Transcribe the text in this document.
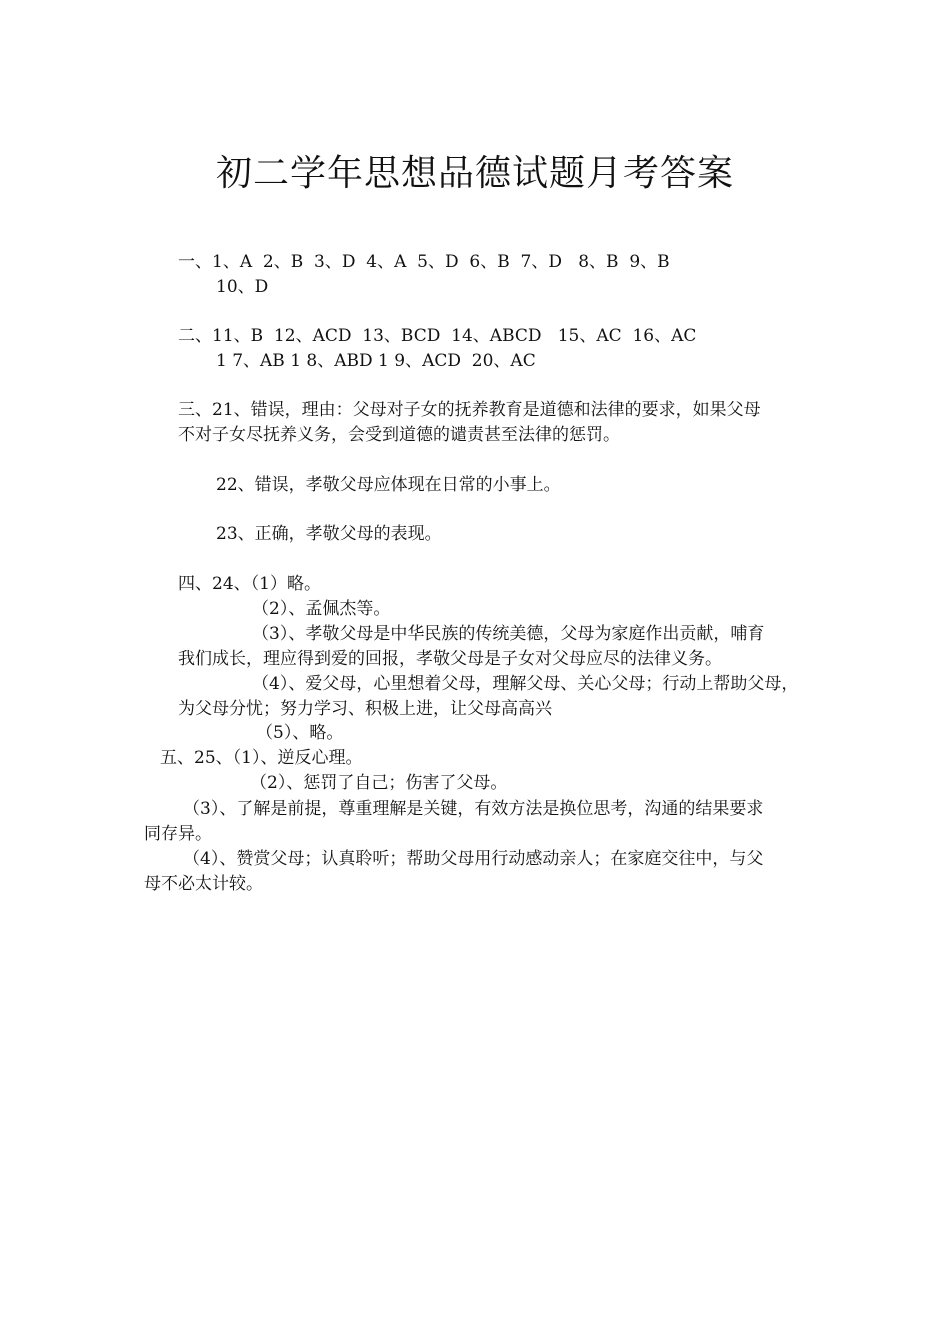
初二学年思想品德试题月考答案
一、1、A  2、B  3、D  4、A  5、D  6、B  7、D   8、B  9、B
10、D
二、11、B  12、ACD  13、BCD  14、ABCD   15、AC  16、AC
1 7、AB 1 8、ABD 1 9、ACD  20、AC
三、21、错误，理由：父母对子女的抚养教育是道德和法律的要求，如果父母
不对子女尽抚养义务，会受到道德的谴责甚至法律的惩罚。
22、错误，孝敬父母应体现在日常的小事上。
23、正确，孝敬父母的表现。
四、24、（1）略。
（2）、孟佩杰等。
（3）、孝敬父母是中华民族的传统美德，父母为家庭作出贡献，哺育
我们成长，理应得到爱的回报，孝敬父母是子女对父母应尽的法律义务。
（4）、爱父母，心里想着父母，理解父母、关心父母；行动上帮助父母，
为父母分忧；努力学习、积极上进，让父母高高兴
（5）、略。
五、25、（1）、逆反心理。
（2）、惩罚了自己；伤害了父母。
（3）、了解是前提，尊重理解是关键，有效方法是换位思考，沟通的结果要求
同存异。
（4）、赞赏父母；认真聆听；帮助父母用行动感动亲人；在家庭交往中，与父
母不必太计较。
